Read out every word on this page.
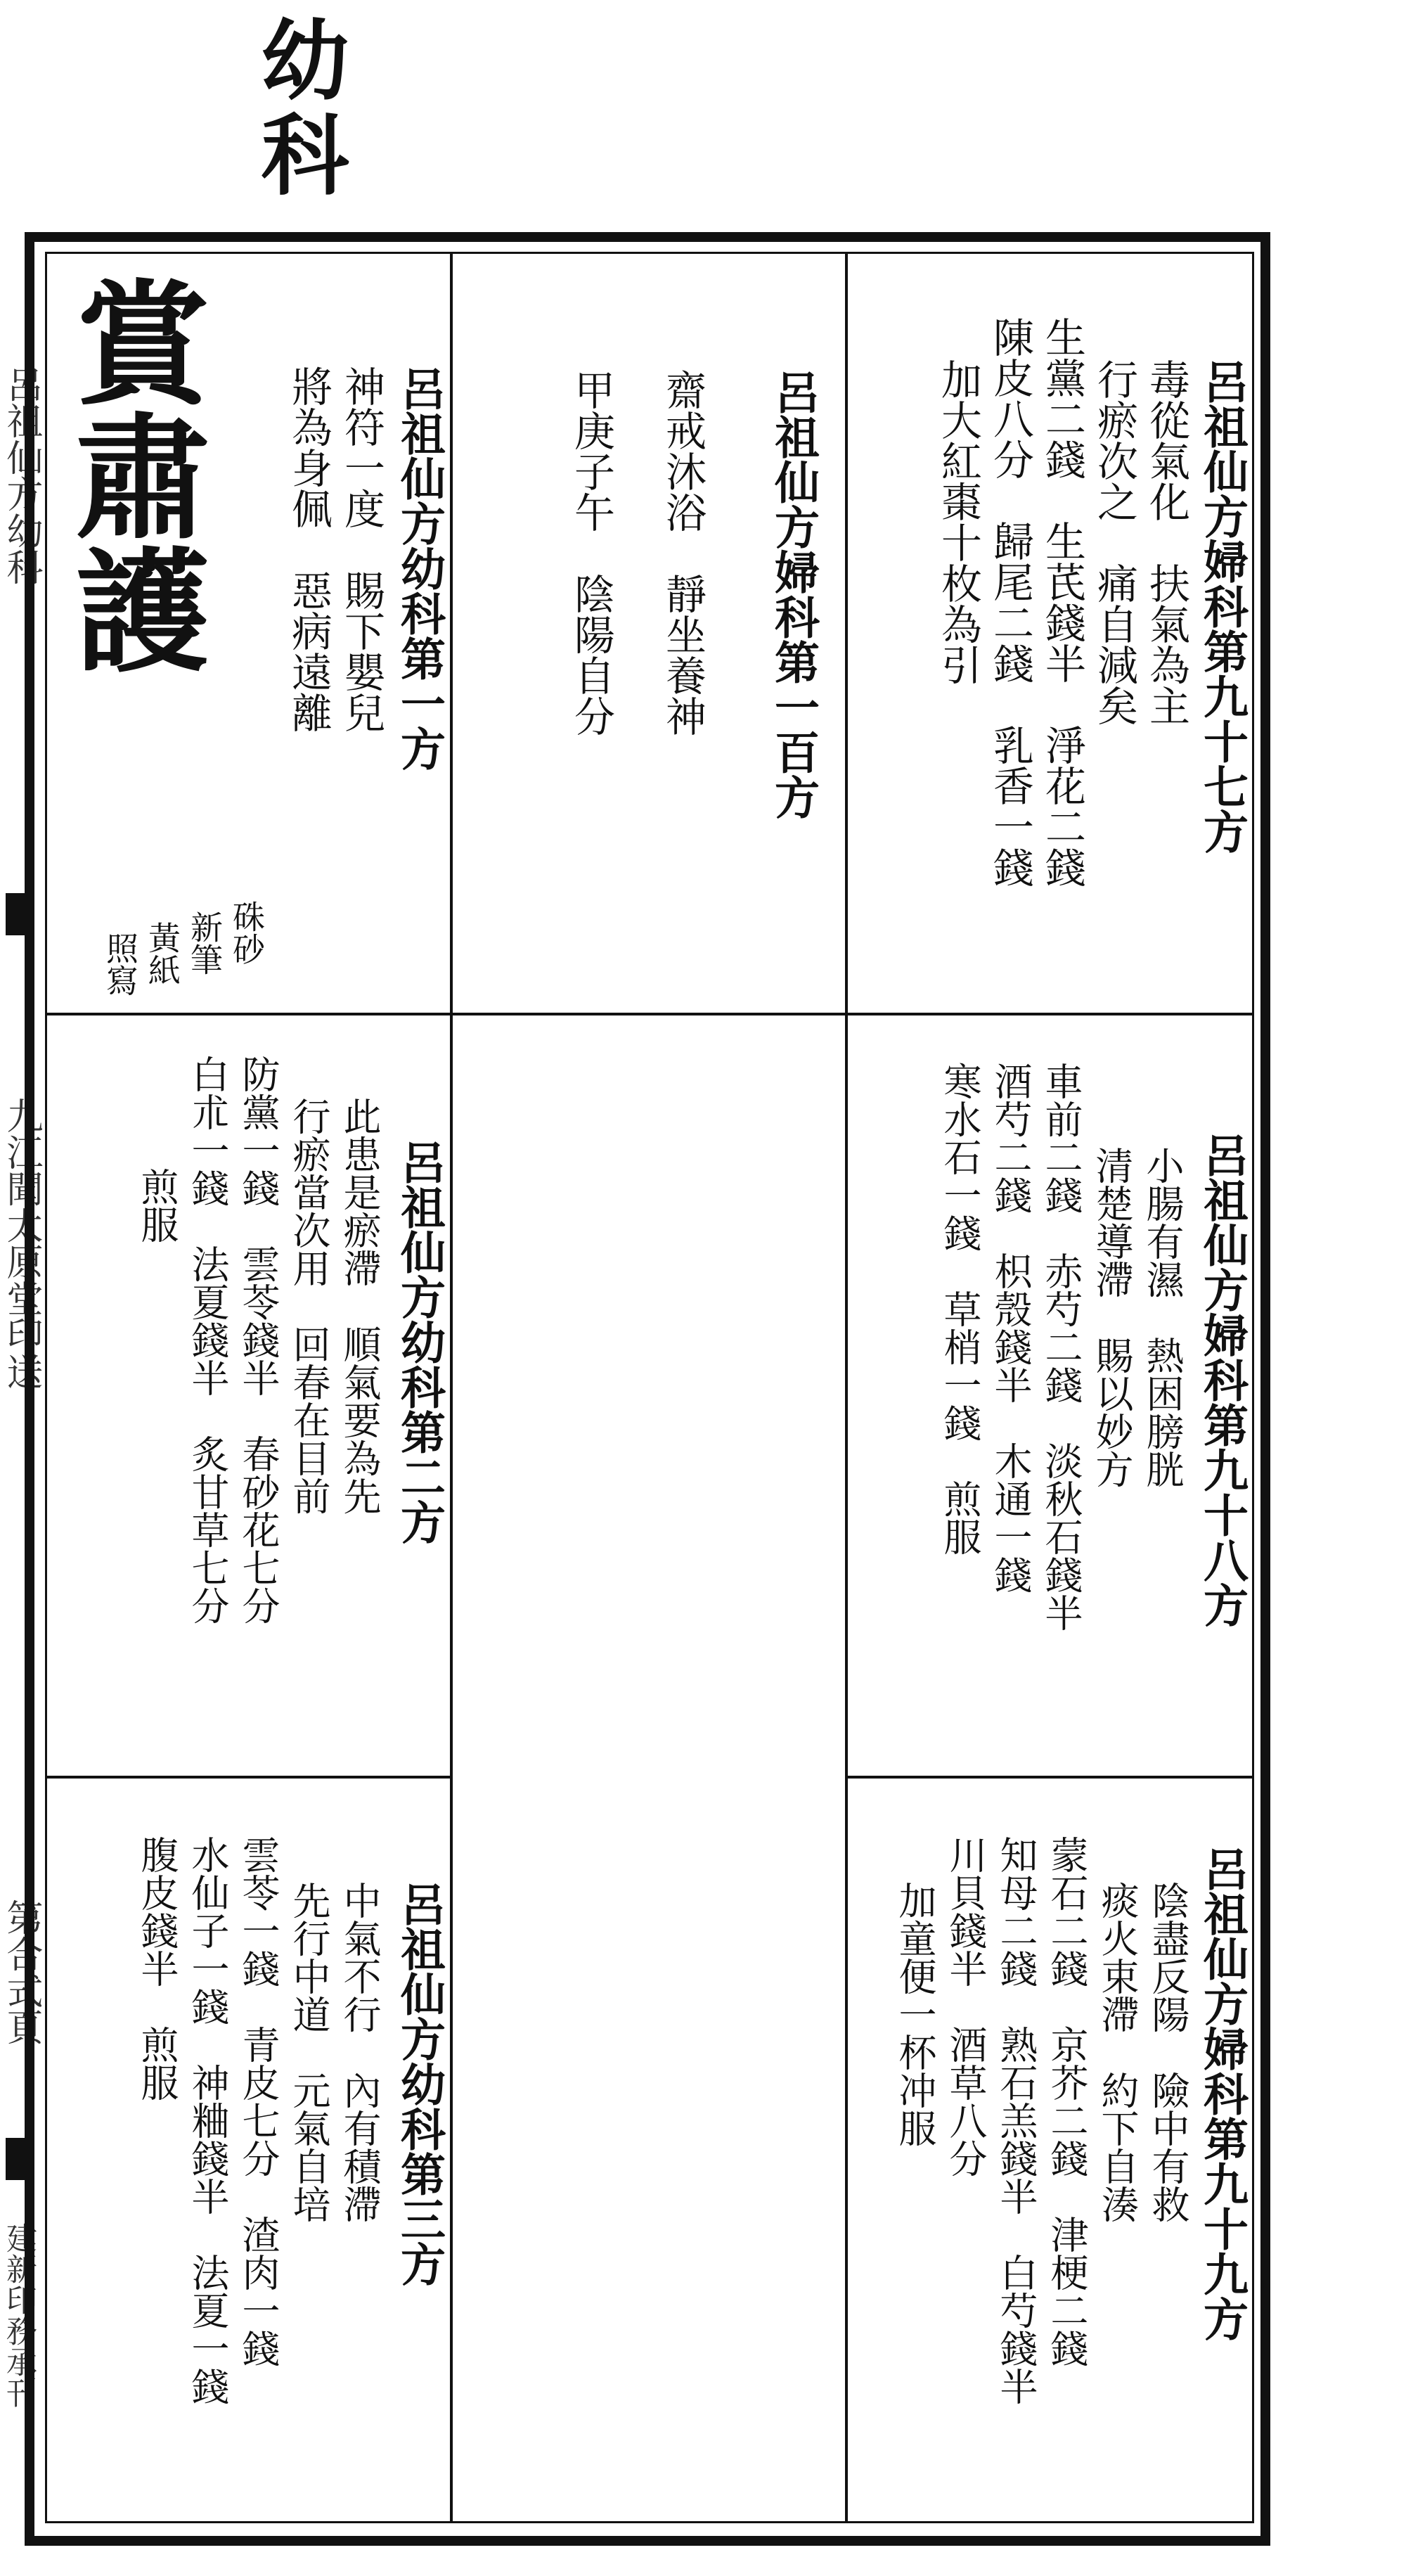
幼科
呂祖仙方幼科
九江聞太原堂印送
第合式頁
建新印務承刊
呂祖仙方婦科第九十七方
毒從氣化　扶氣為主
行瘀次之　痛自減矣
生黨二錢　生芪錢半　淨花二錢
陳皮八分　歸尾二錢　乳香一錢
加大紅棗十枚為引
呂祖仙方婦科第一百方
齋戒沐浴　靜坐養神
甲庚子午　陰陽自分
呂祖仙方幼科第一方
神符一度　賜下嬰兒
將為身佩　惡病遠離
賞肅護
硃砂
新筆
黃紙
照寫
呂祖仙方婦科第九十八方
小腸有濕　熱困膀胱
清楚導滯　賜以妙方
車前二錢　赤芍二錢　淡秋石錢半
酒芍二錢　枳殼錢半　木通一錢
寒水石一錢　草梢一錢　煎服
呂祖仙方幼科第二方
此患是瘀滯　順氣要為先
行瘀當次用　回春在目前
防黨一錢　雲苓錢半　春砂花七分
白朮一錢　法夏錢半　炙甘草七分
煎服
呂祖仙方婦科第九十九方
陰盡反陽　險中有救
痰火束滯　約下自湊
蒙石二錢　京芥二錢　津梗二錢
知母二錢　熟石羔錢半　白芍錢半
川貝錢半　酒草八分
加童便一杯冲服
呂祖仙方幼科第三方
中氣不行　內有積滯
先行中道　元氣自培
雲苓一錢　青皮七分　渣肉一錢
水仙子一錢　神粬錢半　法夏一錢
腹皮錢半　煎服
